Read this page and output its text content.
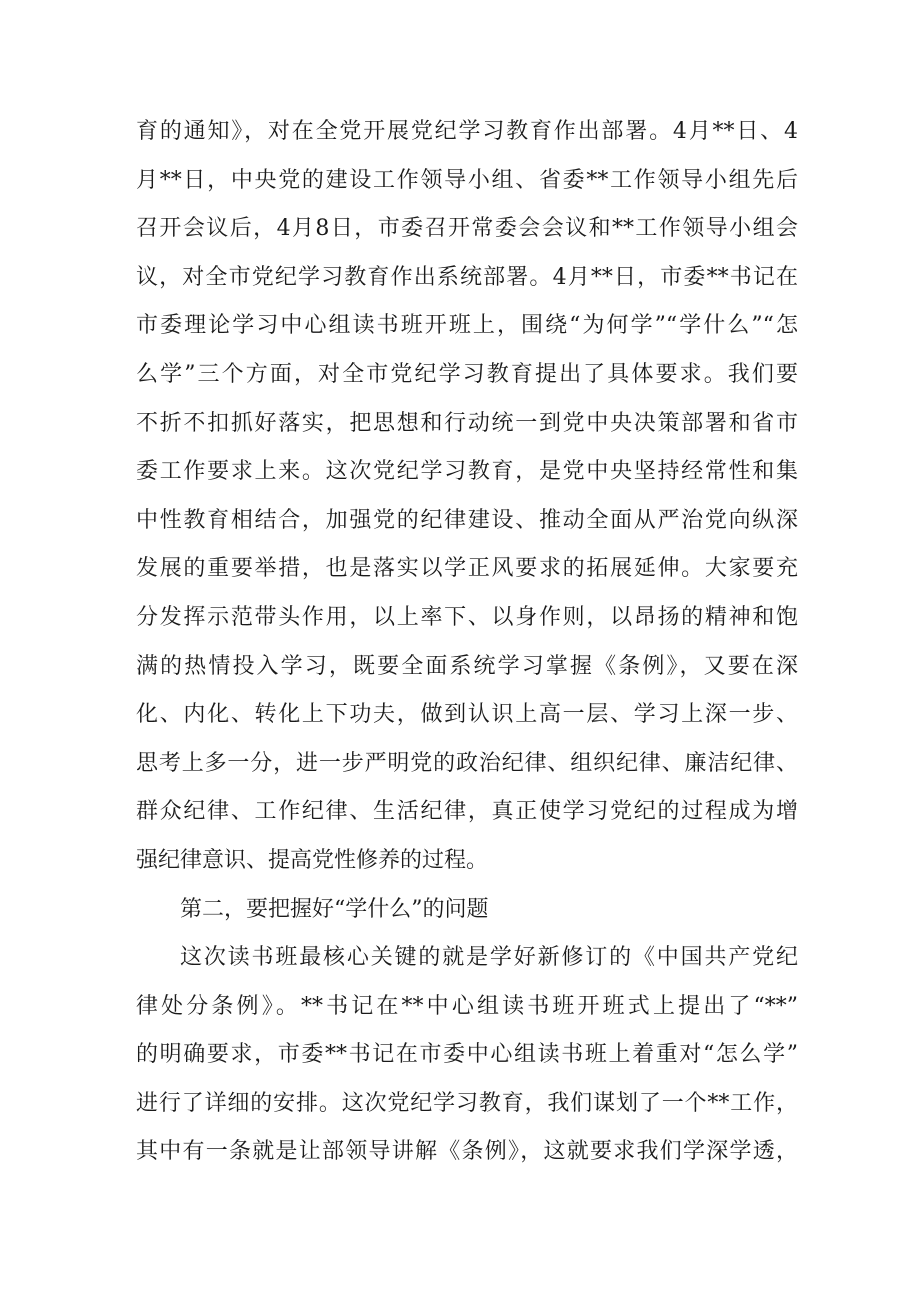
育的通知》，对在全党开展党纪学习教育作出部署。4月**日、4
月**日，中央党的建设工作领导小组、省委**工作领导小组先后
召开会议后，4月8日，市委召开常委会会议和**工作领导小组会
议，对全市党纪学习教育作出系统部署。4月**日，市委**书记在
市委理论学习中心组读书班开班上，围绕“为何学”“学什么”“怎
么学”三个方面，对全市党纪学习教育提出了具体要求。我们要
不折不扣抓好落实，把思想和行动统一到党中央决策部署和省市
委工作要求上来。这次党纪学习教育，是党中央坚持经常性和集
中性教育相结合，加强党的纪律建设、推动全面从严治党向纵深
发展的重要举措，也是落实以学正风要求的拓展延伸。大家要充
分发挥示范带头作用，以上率下、以身作则，以昂扬的精神和饱
满的热情投入学习，既要全面系统学习掌握《条例》，又要在深
化、内化、转化上下功夫，做到认识上高一层、学习上深一步、
思考上多一分，进一步严明党的政治纪律、组织纪律、廉洁纪律、
群众纪律、工作纪律、生活纪律，真正使学习党纪的过程成为增
强纪律意识、提高党性修养的过程。
第二，要把握好“学什么”的问题
这次读书班最核心关键的就是学好新修订的《中国共产党纪
律处分条例》。**书记在**中心组读书班开班式上提出了“**”
的明确要求，市委**书记在市委中心组读书班上着重对“怎么学”
进行了详细的安排。这次党纪学习教育，我们谋划了一个**工作，
其中有一条就是让部领导讲解《条例》，这就要求我们学深学透，
